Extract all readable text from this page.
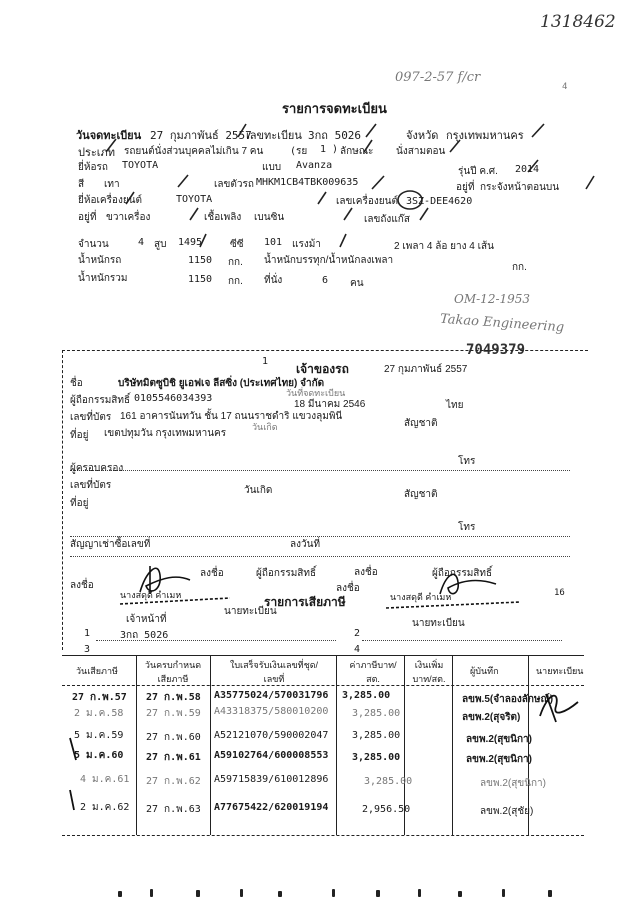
1318462
097-2-57 f/cr
4
รายการจดทะเบียน
วันจดทะเบียน 27 กุมภาพันธ์ 2557
เลขทะเบียน 3กถ 5026	จังหวัด กรุงเทพมหานคร
ประเภท รถยนต์นั่งส่วนบุคคลไม่เกิน 7 คน	(รย 1 ) ลักษณะ นั่งสามตอน
ยี่ห้อรถ TOYOTA	แบบ Avanza
รุ่นปี ค.ศ. 2014
สี เทา	เลขตัวรถ MHKM1CB4TBK009635	อยู่ที่ กระจังหน้าตอนบน
ยี่ห้อเครื่องยนต์	TOYOTA	เลขเครื่องยนต์ 3SZ-DEE4620
อยู่ที่ ขวาเครื่อง	เชื้อเพลิง เบนซิน	เลขถังแก๊ส
จำนวน	4 สูบ 1495	ซีซี 101 แรงม้า	2 เพลา 4 ล้อ ยาง 4 เส้น
น้ำหนักรถ	1150 กก. น้ำหนักบรรทุก/น้ำหนักลงเพลา
กก.
น้ำหนักรวม	1150 กก. ที่นั่ง	6 คน
OM-12-1953
Takao Engineering
7049379
1
เจ้าของรถ	27 กุมภาพันธ์ 2557
ชื่อ	บริษัทมิตซูบิชิ ยูเอฟเจ ลีสซิ่ง (ประเทศไทย) จำกัด
ผู้ถือกรรมสิทธิ์ 0105546034393	วันที่จดทะเบียน
18 มีนาคม 2546	ไทย
เลขที่บัตร 161 อาคารนันทวัน ชั้น 17 ถนนราชดำริ แขวงลุมพินี
วันเกิด	สัญชาติ
ที่อยู่ เขตปทุมวัน กรุงเทพมหานคร
โทร
ผู้ครอบครอง
เลขที่บัตร	วันเกิด	สัญชาติ
ที่อยู่
โทร
สัญญาเช่าซื้อเลขที่	ลงวันที่
ลงชื่อ
ลงชื่อ
ลงชื่อ
ลงชื่อ	ผู้ถือกรรมสิทธิ์
ผู้ถือกรรมสิทธิ์
นางสดุดี คำเมห	นางสดุดี คำเมห
เจ้าหน้าที่
นายทะเบียน
นายทะเบียน
16
รายการเสียภาษี
1	3กถ 5026	2
3	4
วันเสียภาษี
วันครบกำหนดเสียภาษี
ใบเสร็จรับเงินเลขที่ชุด/เลขที่
ค่าภาษีบาท/สต.
เงินเพิ่มบาท/สต.
ผู้บันทึก	นายทะเบียน
27 ก.พ.57 27 ก.พ.58 A35775024/570031796 3,285.00	ลขพ.5(จำลองลักษณ์)
2 ม.ค.58 27 ก.พ.59 A43318375/580010200 3,285.00	ลขพ.2(สุจริต)
5 ม.ค.59 27 ก.พ.60 A52121070/590002047 3,285.00	ลขพ.2(สุขนิกา)
5 ม.ค.60 27 ก.พ.61 A59102764/600008553 3,285.00	ลขพ.2(สุขนิกา)
4 ม.ค.61 27 ก.พ.62 A59715839/610012896	3,285.00	ลขพ.2(สุขนิกา)
2 ม.ค.62 27 ก.พ.63 A77675422/620019194	2,956.50	ลขพ.2(สุชัย)
